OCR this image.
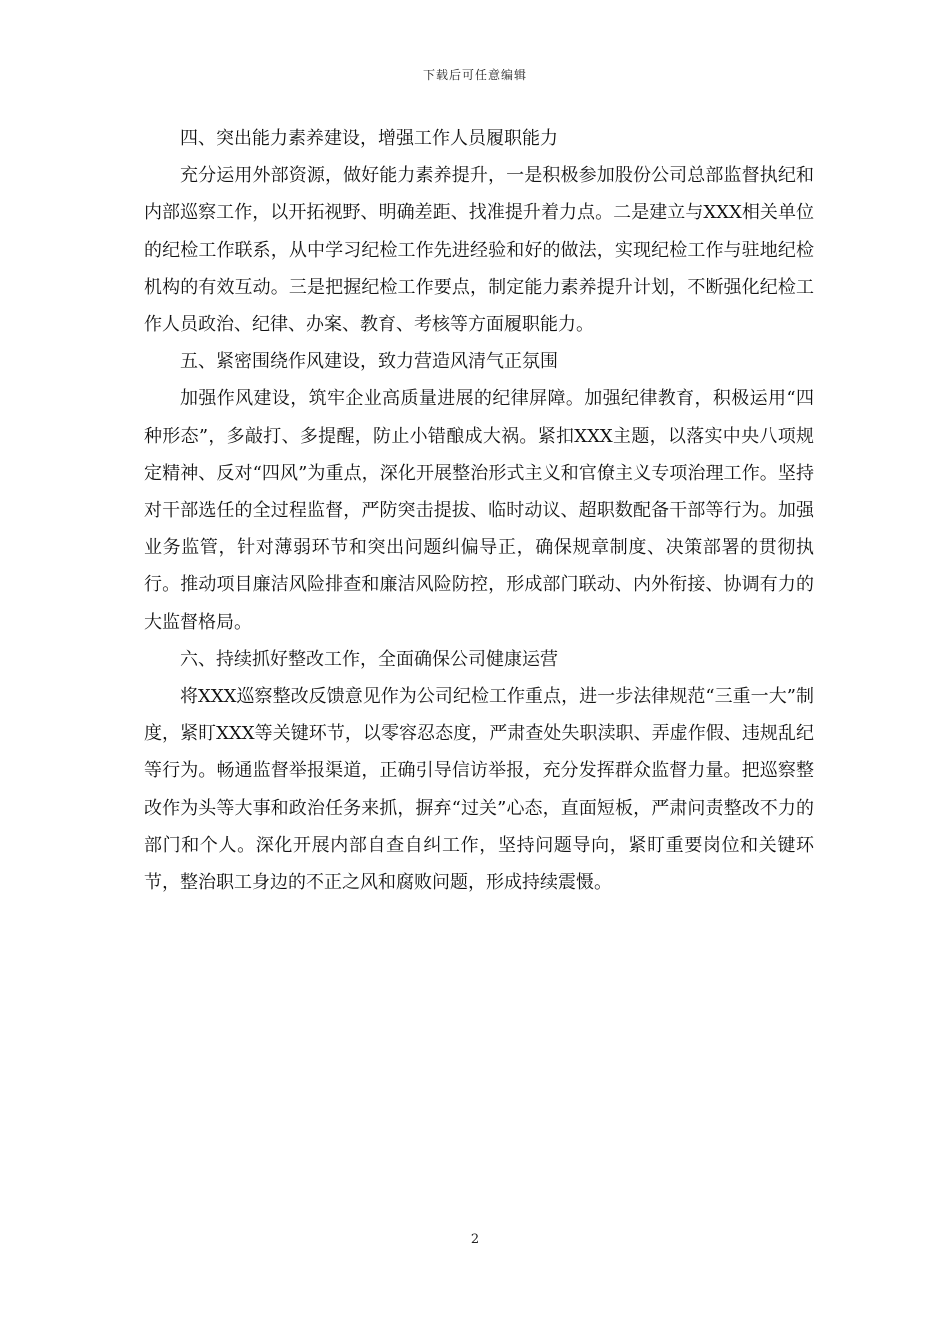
下载后可任意编辑

四、突出能力素养建设，增强工作人员履职能力

充分运用外部资源，做好能力素养提升，一是积极参加股份公司总部监督执纪和内部巡察工作，以开拓视野、明确差距、找准提升着力点。二是建立与XXX相关单位的纪检工作联系，从中学习纪检工作先进经验和好的做法，实现纪检工作与驻地纪检机构的有效互动。三是把握纪检工作要点，制定能力素养提升计划，不断强化纪检工作人员政治、纪律、办案、教育、考核等方面履职能力。

五、紧密围绕作风建设，致力营造风清气正氛围

加强作风建设，筑牢企业高质量进展的纪律屏障。加强纪律教育，积极运用“四种形态”，多敲打、多提醒，防止小错酿成大祸。紧扣XXX主题，以落实中央八项规定精神、反对“四风”为重点，深化开展整治形式主义和官僚主义专项治理工作。坚持对干部选任的全过程监督，严防突击提拔、临时动议、超职数配备干部等行为。加强业务监管，针对薄弱环节和突出问题纠偏导正，确保规章制度、决策部署的贯彻执行。推动项目廉洁风险排查和廉洁风险防控，形成部门联动、内外衔接、协调有力的大监督格局。

六、持续抓好整改工作，全面确保公司健康运营

将XXX巡察整改反馈意见作为公司纪检工作重点，进一步法律规范“三重一大”制度，紧盯XXX等关键环节，以零容忍态度，严肃查处失职渎职、弄虚作假、违规乱纪等行为。畅通监督举报渠道，正确引导信访举报，充分发挥群众监督力量。把巡察整改作为头等大事和政治任务来抓，摒弃“过关”心态，直面短板，严肃问责整改不力的部门和个人。深化开展内部自查自纠工作，坚持问题导向，紧盯重要岗位和关键环节，整治职工身边的不正之风和腐败问题，形成持续震慑。

2
